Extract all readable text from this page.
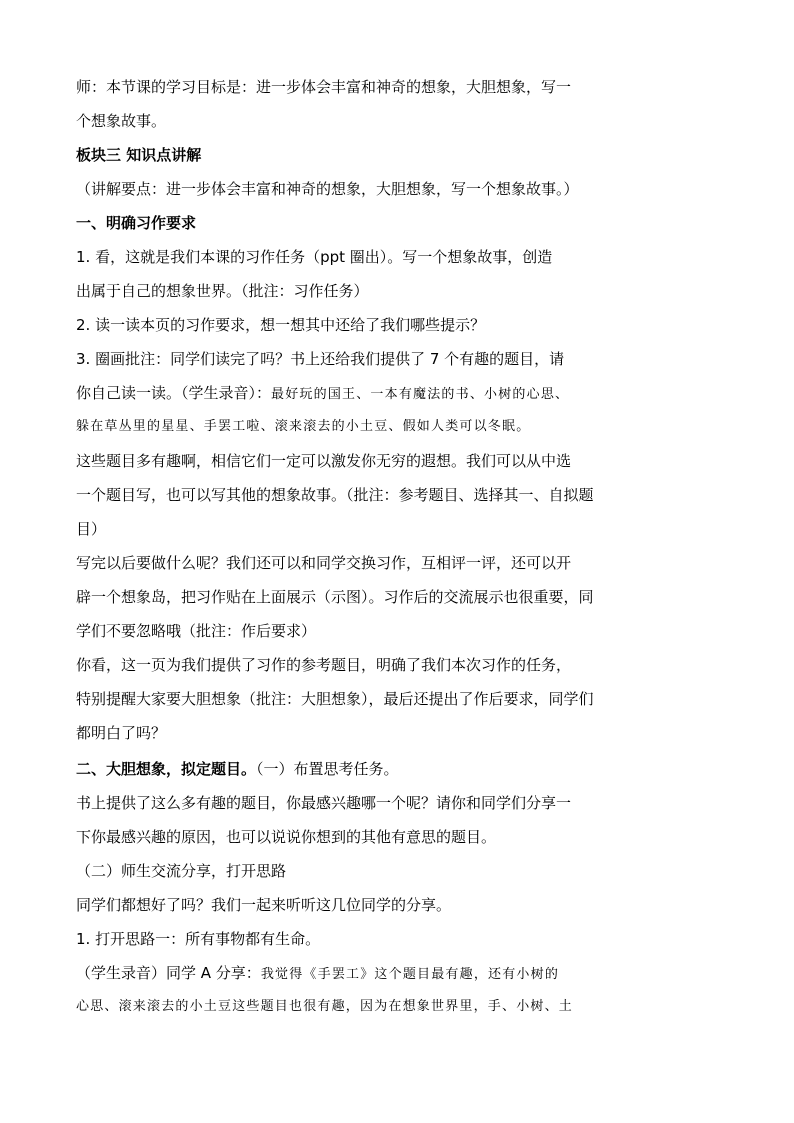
师：本节课的学习目标是：进一步体会丰富和神奇的想象，大胆想象，写一
个想象故事。
板块三 知识点讲解
（讲解要点：进一步体会丰富和神奇的想象，大胆想象，写一个想象故事。）
一、明确习作要求
1. 看，这就是我们本课的习作任务（ppt 圈出）。写一个想象故事，创造
出属于自己的想象世界。（批注：习作任务）
2. 读一读本页的习作要求，想一想其中还给了我们哪些提示？
3. 圈画批注：同学们读完了吗？书上还给我们提供了 7 个有趣的题目，请
你自己读一读。（学生录音）：最好玩的国王、一本有魔法的书、小树的心思、
躲在草丛里的星星、手罢工啦、滚来滚去的小土豆、假如人类可以冬眠。
这些题目多有趣啊，相信它们一定可以激发你无穷的遐想。我们可以从中选
一个题目写，也可以写其他的想象故事。（批注：参考题目、选择其一、自拟题
目）
写完以后要做什么呢？我们还可以和同学交换习作，互相评一评，还可以开
辟一个想象岛，把习作贴在上面展示（示图）。习作后的交流展示也很重要，同
学们不要忽略哦（批注：作后要求）
你看，这一页为我们提供了习作的参考题目，明确了我们本次习作的任务，
特别提醒大家要大胆想象（批注：大胆想象），最后还提出了作后要求，同学们
都明白了吗？
二、大胆想象，拟定题目。（一）布置思考任务。
书上提供了这么多有趣的题目，你最感兴趣哪一个呢？请你和同学们分享一
下你最感兴趣的原因，也可以说说你想到的其他有意思的题目。
（二）师生交流分享，打开思路
同学们都想好了吗？我们一起来听听这几位同学的分享。
1. 打开思路一：所有事物都有生命。
（学生录音）同学 A 分享：我觉得《手罢工》这个题目最有趣，还有小树的
心思、滚来滚去的小土豆这些题目也很有趣，因为在想象世界里，手、小树、土
